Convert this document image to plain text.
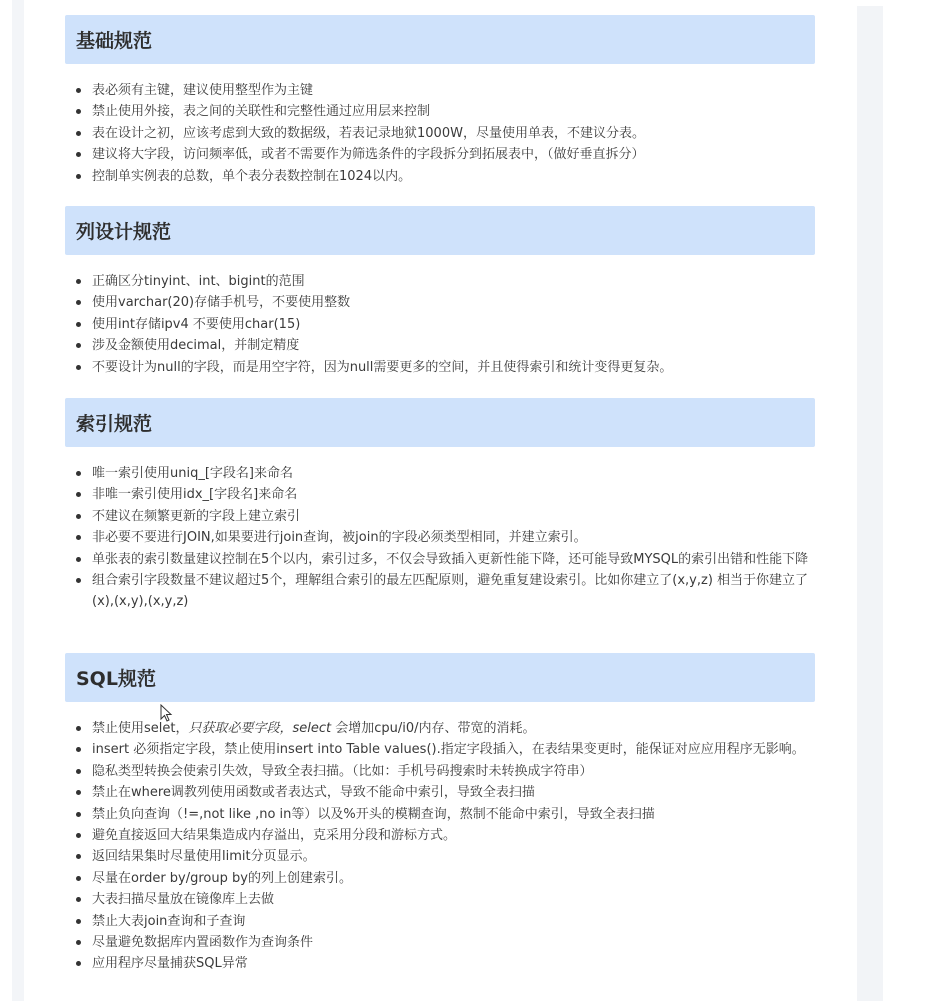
基础规范
表必须有主键，建议使用整型作为主键
禁止使用外接，表之间的关联性和完整性通过应用层来控制
表在设计之初，应该考虑到大致的数据级，若表记录地狱1000W，尽量使用单表，不建议分表。
建议将大字段，访问频率低，或者不需要作为筛选条件的字段拆分到拓展表中，（做好垂直拆分）
控制单实例表的总数，单个表分表数控制在1024以内。
列设计规范
正确区分tinyint、int、bigint的范围
使用varchar(20)存储手机号，不要使用整数
使用int存储ipv4 不要使用char(15)
涉及金额使用decimal，并制定精度
不要设计为null的字段，而是用空字符，因为null需要更多的空间，并且使得索引和统计变得更复杂。
索引规范
唯一索引使用uniq_[字段名]来命名
非唯一索引使用idx_[字段名]来命名
不建议在频繁更新的字段上建立索引
非必要不要进行JOIN,如果要进行join查询，被join的字段必须类型相同，并建立索引。
单张表的索引数量建议控制在5个以内，索引过多，不仅会导致插入更新性能下降，还可能导致MYSQL的索引出错和性能下降
组合索引字段数量不建议超过5个，理解组合索引的最左匹配原则，避免重复建设索引。比如你建立了(x,y,z) 相当于你建立了(x),(x,y),(x,y,z)
SQL规范
禁止使用selet，只获取必要字段，select 会增加cpu/i0/内存、带宽的消耗。
insert 必须指定字段，禁止使用insert into Table values().指定字段插入，在表结果变更时，能保证对应应用程序无影响。
隐私类型转换会使索引失效，导致全表扫描。（比如：手机号码搜索时未转换成字符串）
禁止在where调教列使用函数或者表达式，导致不能命中索引，导致全表扫描
禁止负向查询（!=,not like ,no in等）以及%开头的模糊查询，熬制不能命中索引，导致全表扫描
避免直接返回大结果集造成内存溢出，克采用分段和游标方式。
返回结果集时尽量使用limit分页显示。
尽量在order by/group by的列上创建索引。
大表扫描尽量放在镜像库上去做
禁止大表join查询和子查询
尽量避免数据库内置函数作为查询条件
应用程序尽量捕获SQL异常
